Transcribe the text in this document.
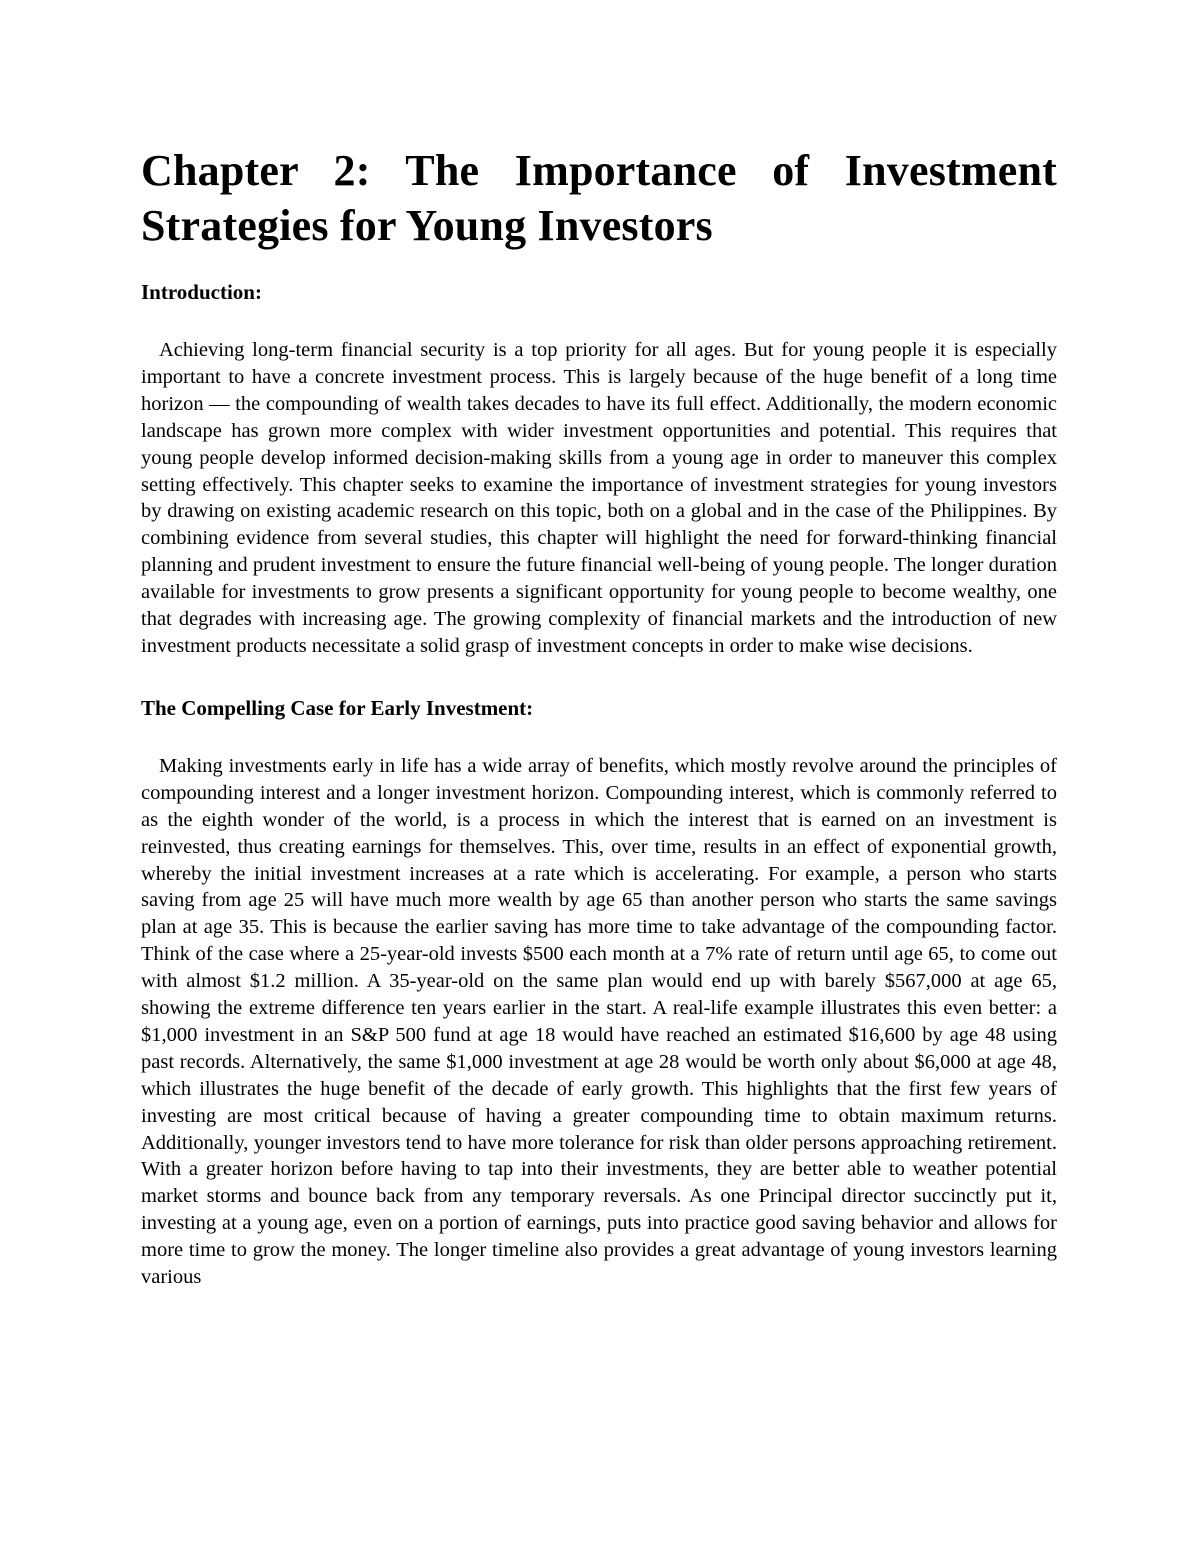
Chapter 2: The Importance of Investment Strategies for Young Investors
Introduction:

Achieving long-term financial security is a top priority for all ages. But for young people it is especially important to have a concrete investment process. This is largely because of the huge benefit of a long time horizon — the compounding of wealth takes decades to have its full effect. Additionally, the modern economic landscape has grown more complex with wider investment opportunities and potential. This requires that young people develop informed decision-making skills from a young age in order to maneuver this complex setting effectively. This chapter seeks to examine the importance of investment strategies for young investors by drawing on existing academic research on this topic, both on a global and in the case of the Philippines. By combining evidence from several studies, this chapter will highlight the need for forward-thinking financial planning and prudent investment to ensure the future financial well-being of young people. The longer duration available for investments to grow presents a significant opportunity for young people to become wealthy, one that degrades with increasing age. The growing complexity of financial markets and the introduction of new investment products necessitate a solid grasp of investment concepts in order to make wise decisions.

The Compelling Case for Early Investment:

Making investments early in life has a wide array of benefits, which mostly revolve around the principles of compounding interest and a longer investment horizon. Compounding interest, which is commonly referred to as the eighth wonder of the world, is a process in which the interest that is earned on an investment is reinvested, thus creating earnings for themselves. This, over time, results in an effect of exponential growth, whereby the initial investment increases at a rate which is accelerating. For example, a person who starts saving from age 25 will have much more wealth by age 65 than another person who starts the same savings plan at age 35. This is because the earlier saving has more time to take advantage of the compounding factor. Think of the case where a 25-year-old invests $500 each month at a 7% rate of return until age 65, to come out with almost $1.2 million. A 35-year-old on the same plan would end up with barely $567,000 at age 65, showing the extreme difference ten years earlier in the start. A real-life example illustrates this even better: a $1,000 investment in an S&P 500 fund at age 18 would have reached an estimated $16,600 by age 48 using past records. Alternatively, the same $1,000 investment at age 28 would be worth only about $6,000 at age 48, which illustrates the huge benefit of the decade of early growth. This highlights that the first few years of investing are most critical because of having a greater compounding time to obtain maximum returns. Additionally, younger investors tend to have more tolerance for risk than older persons approaching retirement. With a greater horizon before having to tap into their investments, they are better able to weather potential market storms and bounce back from any temporary reversals. As one Principal director succinctly put it, investing at a young age, even on a portion of earnings, puts into practice good saving behavior and allows for more time to grow the money. The longer timeline also provides a great advantage of young investors learning various
